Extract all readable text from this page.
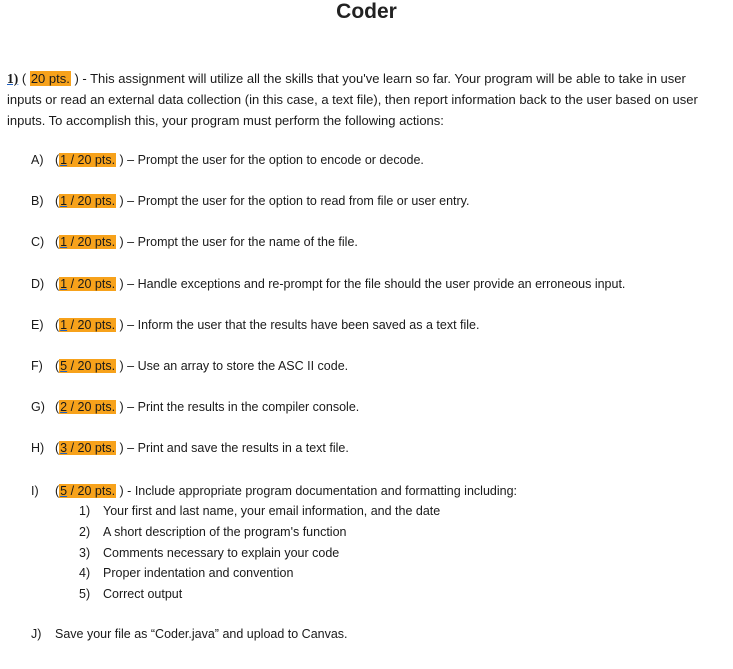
Coder
1) ( 20 pts. ) - This assignment will utilize all the skills that you've learn so far. Your program will be able to take in user inputs or read an external data collection (in this case, a text file), then report information back to the user based on user inputs. To accomplish this, your program must perform the following actions:
A) (1 / 20 pts. ) – Prompt the user for the option to encode or decode.
B) (1 / 20 pts. ) – Prompt the user for the option to read from file or user entry.
C) (1 / 20 pts. ) – Prompt the user for the name of the file.
D) (1 / 20 pts. ) – Handle exceptions and re-prompt for the file should the user provide an erroneous input.
E) (1 / 20 pts. ) – Inform the user that the results have been saved as a text file.
F) (5 / 20 pts. ) – Use an array to store the ASC II code.
G) (2 / 20 pts. ) – Print the results in the compiler console.
H) (3 / 20 pts. ) – Print and save the results in a text file.
I) (5 / 20 pts. ) - Include appropriate program documentation and formatting including:
1) Your first and last name, your email information, and the date
2) A short description of the program's function
3) Comments necessary to explain your code
4) Proper indentation and convention
5) Correct output
J) Save your file as “Coder.java” and upload to Canvas.
